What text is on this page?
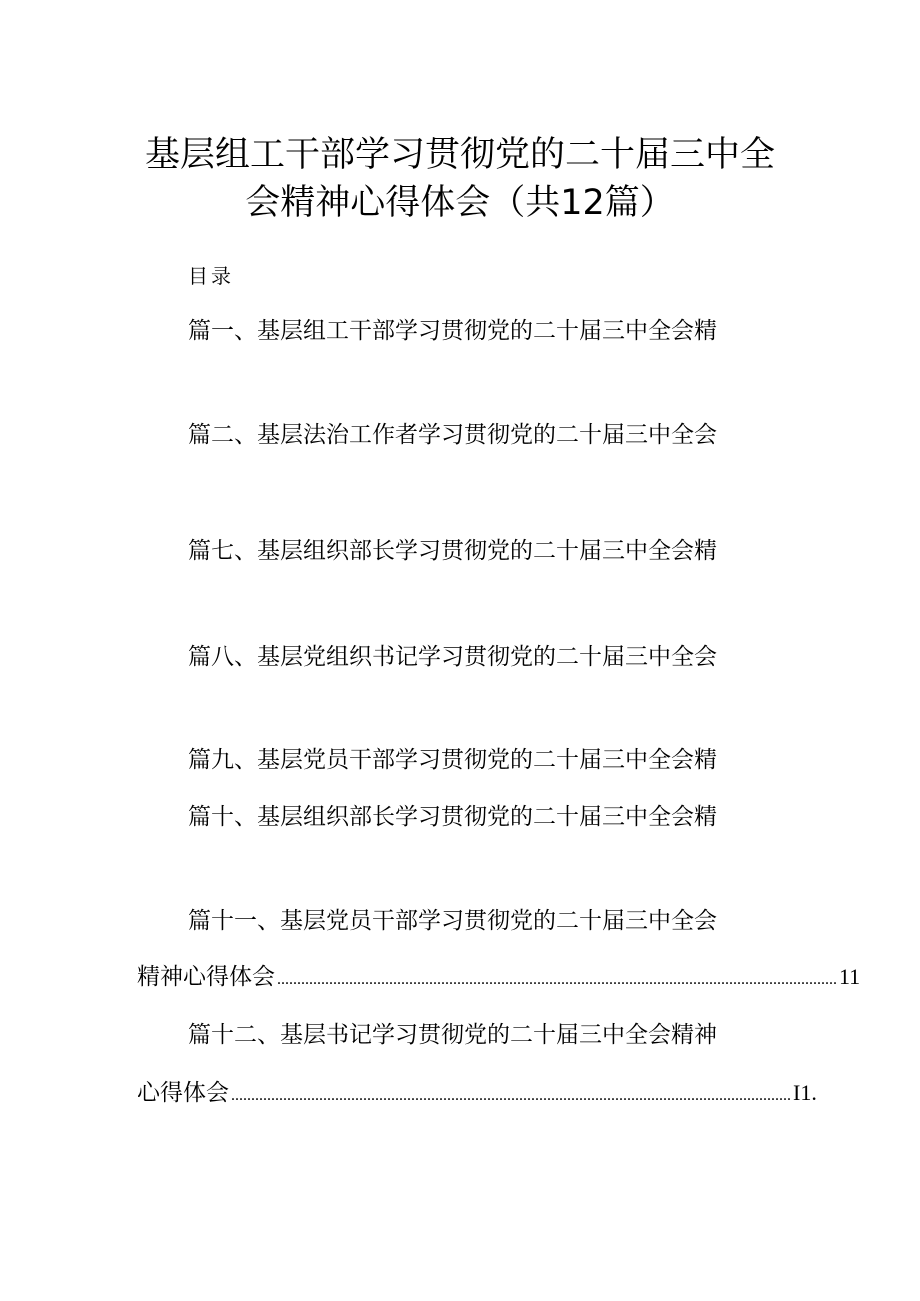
基层组工干部学习贯彻党的二十届三中全
会精神心得体会（共12篇）
目录
篇一、基层组工干部学习贯彻党的二十届三中全会精
篇二、基层法治工作者学习贯彻党的二十届三中全会
篇七、基层组织部长学习贯彻党的二十届三中全会精
篇八、基层党组织书记学习贯彻党的二十届三中全会
篇九、基层党员干部学习贯彻党的二十届三中全会精
篇十、基层组织部长学习贯彻党的二十届三中全会精
篇十一、基层党员干部学习贯彻党的二十届三中全会
精神心得体会 ............................................................................................................................................ 11
篇十二、基层书记学习贯彻党的二十届三中全会精神
心得体会 ............................................................................................................................................ I1.
